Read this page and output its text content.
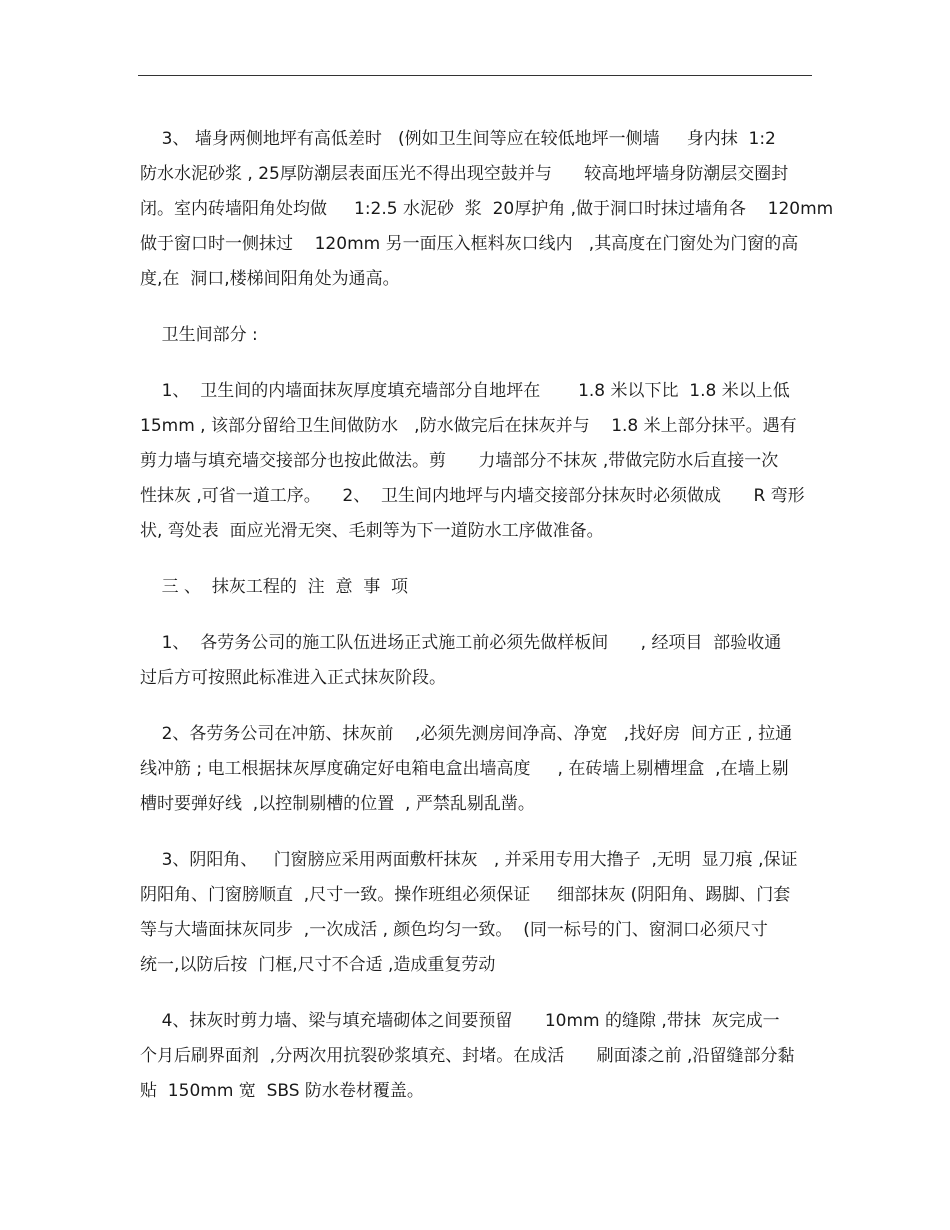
3、 墙身两侧地坪有高低差时   (例如卫生间等应在较低地坪一侧墙     身内抹  1:2
防水水泥砂浆 , 25厚防潮层表面压光不得出现空鼓并与      较高地坪墙身防潮层交圈封
闭。室内砖墙阳角处均做     1:2.5 水泥砂  浆  20厚护角 ,做于洞口时抹过墙角各    120mm
做于窗口时一侧抹过    120mm 另一面压入框料灰口线内   ,其高度在门窗处为门窗的高
度,在  洞口,楼梯间阳角处为通高。
卫生间部分 :
1、  卫生间的内墙面抹灰厚度填充墙部分自地坪在       1.8 米以下比  1.8 米以上低
15mm , 该部分留给卫生间做防水   ,防水做完后在抹灰并与    1.8 米上部分抹平。遇有
剪力墙与填充墙交接部分也按此做法。剪      力墙部分不抹灰 ,带做完防水后直接一次
性抹灰 ,可省一道工序。    2、  卫生间内地坪与内墙交接部分抹灰时必须做成      R 弯形
状, 弯处表  面应光滑无突、毛刺等为下一道防水工序做准备。
三 、  抹灰工程的  注  意  事  项
1、  各劳务公司的施工队伍进场正式施工前必须先做样板间      , 经项目  部验收通
过后方可按照此标准进入正式抹灰阶段。
2、各劳务公司在冲筋、抹灰前    ,必须先测房间净高、净宽   ,找好房  间方正 , 拉通
线冲筋 ; 电工根据抹灰厚度确定好电箱电盒出墙高度     , 在砖墙上剔槽埋盒  ,在墙上剔
槽时要弹好线  ,以控制剔槽的位置  , 严禁乱剔乱凿。
3、阴阳角、   门窗膀应采用两面敷杆抹灰   , 并采用专用大撸子  ,无明  显刀痕 ,保证
阴阳角、门窗膀顺直  ,尺寸一致。操作班组必须保证     细部抹灰 (阴阳角、踢脚、门套
等与大墙面抹灰同步  ,一次成活 , 颜色均匀一致。  (同一标号的门、窗洞口必须尺寸
统一,以防后按  门框,尺寸不合适 ,造成重复劳动
4、抹灰时剪力墙、梁与填充墙砌体之间要预留      10mm 的缝隙 ,带抹  灰完成一
个月后刷界面剂  ,分两次用抗裂砂浆填充、封堵。在成活      刷面漆之前 ,沿留缝部分黏
贴  150mm 宽  SBS 防水卷材覆盖。
